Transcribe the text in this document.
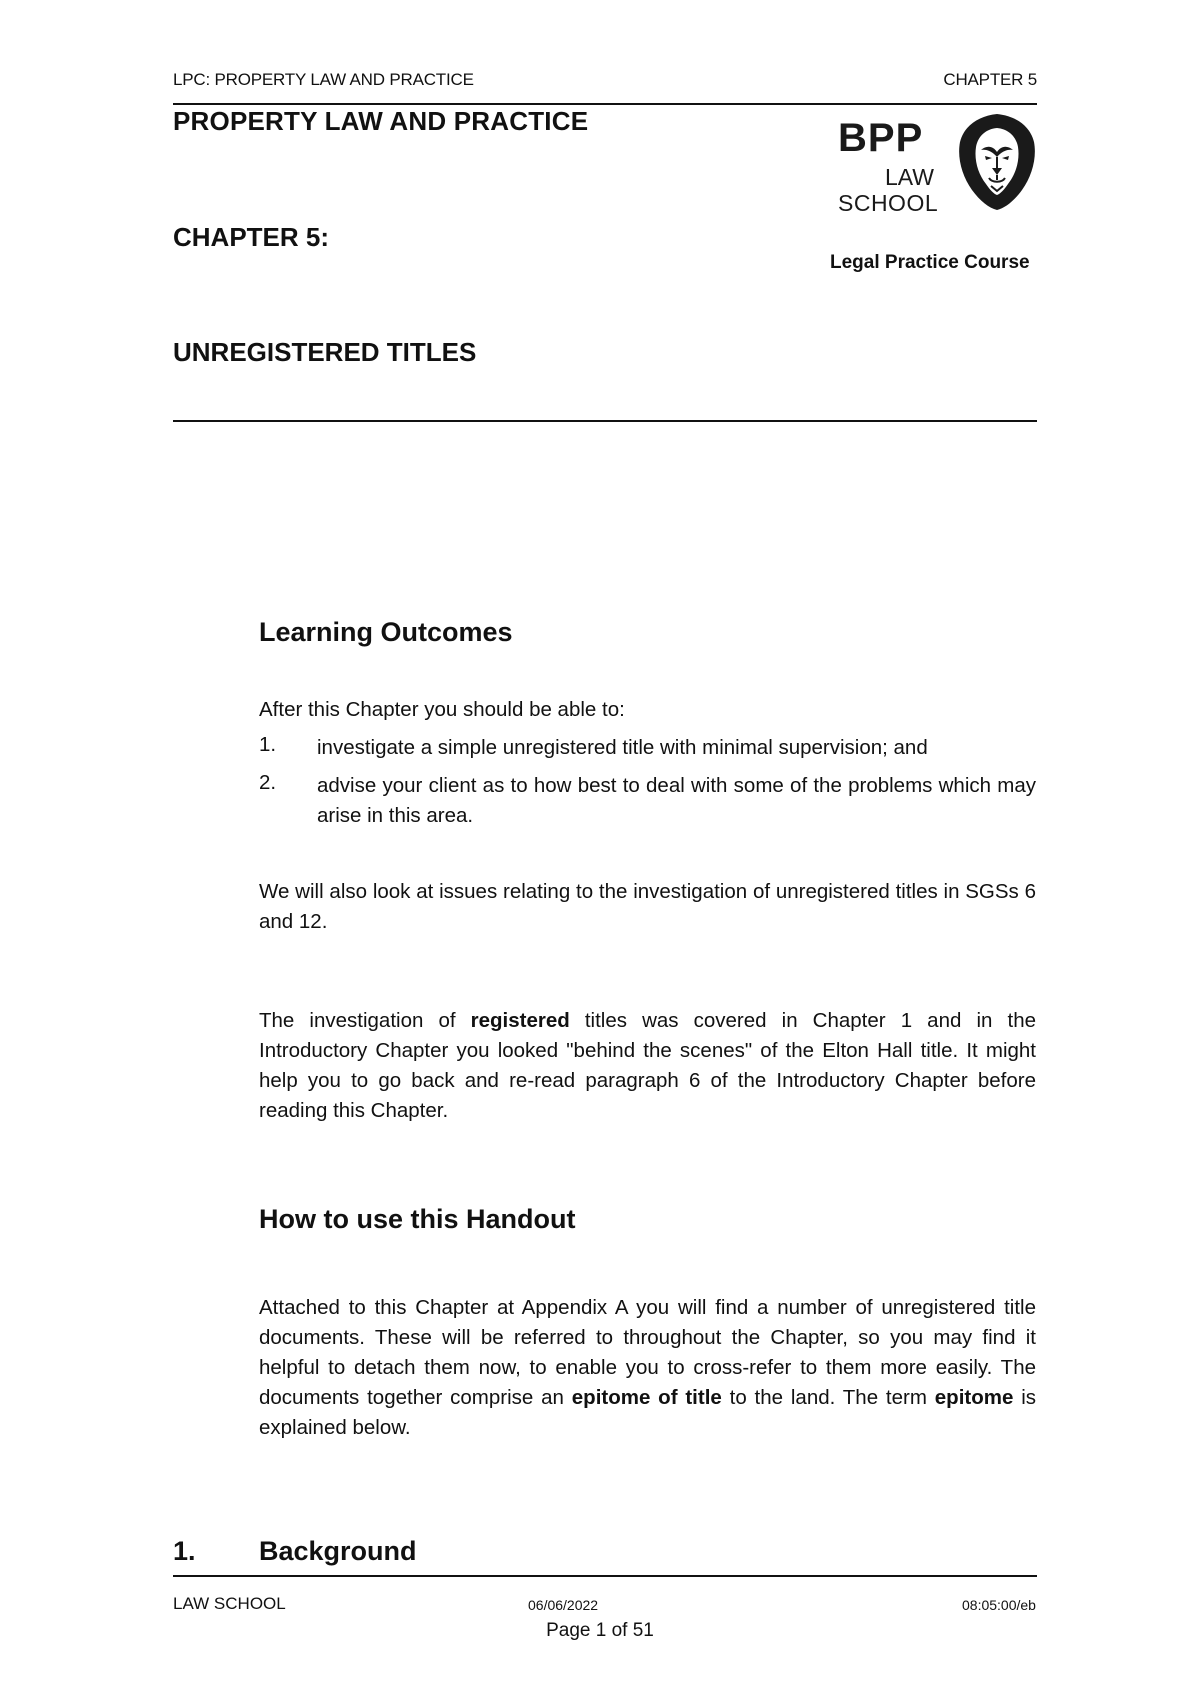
LPC: PROPERTY LAW AND PRACTICE	CHAPTER 5
PROPERTY LAW AND PRACTICE
CHAPTER 5:
UNREGISTERED TITLES
BPP
LAW
SCHOOL
Legal Practice Course
Learning Outcomes
After this Chapter you should be able to:
1. investigate a simple unregistered title with minimal supervision; and
2. advise your client as to how best to deal with some of the problems which may arise in this area.
We will also look at issues relating to the investigation of unregistered titles in SGSs 6 and 12.
The investigation of registered titles was covered in Chapter 1 and in the Introductory Chapter you looked "behind the scenes" of the Elton Hall title. It might help you to go back and re-read paragraph 6 of the Introductory Chapter before reading this Chapter.
How to use this Handout
Attached to this Chapter at Appendix A you will find a number of unregistered title documents. These will be referred to throughout the Chapter, so you may find it helpful to detach them now, to enable you to cross-refer to them more easily. The documents together comprise an epitome of title to the land. The term epitome is explained below.
1. Background
LAW SCHOOL	06/06/2022	08:05:00/eb
Page 1 of 51
